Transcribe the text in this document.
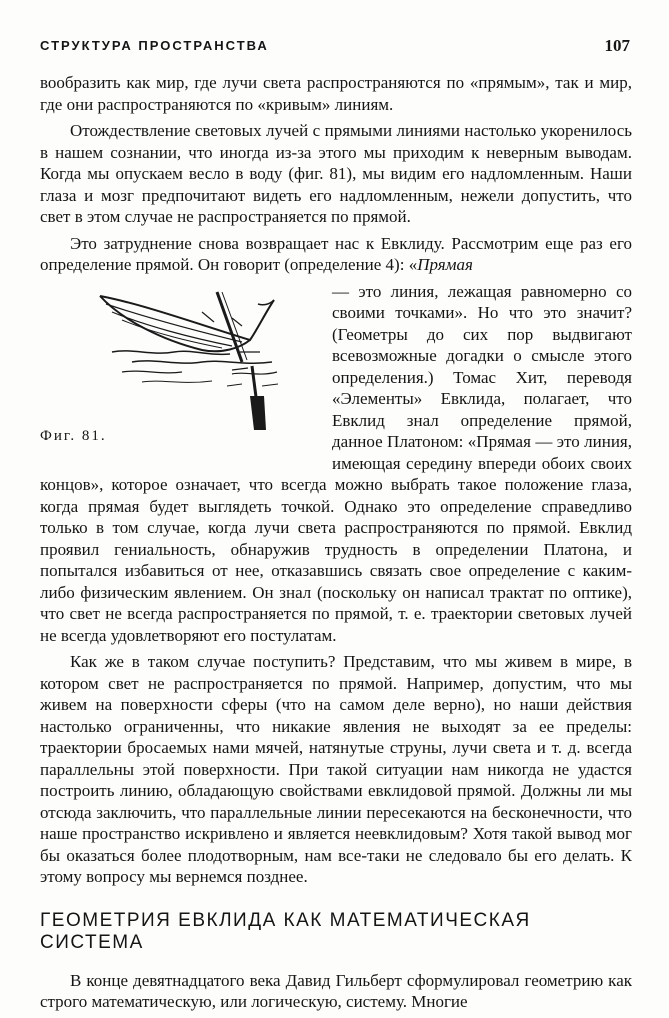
СТРУКТУРА ПРОСТРАНСТВА	107

вообразить как мир, где лучи света распространяются по «прямым», так и мир, где они распространяются по «кривым» линиям.

Отождествление световых лучей с прямыми линиями настолько укоренилось в нашем сознании, что иногда из-за этого мы приходим к неверным выводам. Когда мы опускаем весло в воду (фиг. 81), мы видим его надломленным. Наши глаза и мозг предпочитают видеть его надломленным, нежели допустить, что свет в этом случае не распространяется по прямой.

Это затруднение снова возвращает нас к Евклиду. Рассмотрим еще раз его определение прямой. Он говорит (определение 4): «Прямая

Фиг. 81.

— это линия, лежащая равномерно со своими точками». Но что это значит? (Геометры до сих пор выдвигают всевозможные догадки о смысле этого определения.) Томас Хит, переводя «Элементы» Евклида, полагает, что Евклид знал определение прямой, данное Платоном: «Прямая — это линия, имеющая середину впереди обоих своих концов», которое означает, что всегда можно выбрать такое положение глаза, когда прямая будет выглядеть точкой. Однако это определение справедливо только в том случае, когда лучи света распространяются по прямой. Евклид проявил гениальность, обнаружив трудность в определении Платона, и попытался избавиться от нее, отказавшись связать свое определение с каким-либо физическим явлением. Он знал (поскольку он написал трактат по оптике), что свет не всегда распространяется по прямой, т. е. траектории световых лучей не всегда удовлетворяют его постулатам.

Как же в таком случае поступить? Представим, что мы живем в мире, в котором свет не распространяется по прямой. Например, допустим, что мы живем на поверхности сферы (что на самом деле верно), но наши действия настолько ограниченны, что никакие явления не выходят за ее пределы: траектории бросаемых нами мячей, натянутые струны, лучи света и т. д. всегда параллельны этой поверхности. При такой ситуации нам никогда не удастся построить линию, обладающую свойствами евклидовой прямой. Должны ли мы отсюда заключить, что параллельные линии пересекаются на бесконечности, что наше пространство искривлено и является неевклидовым? Хотя такой вывод мог бы оказаться более плодотворным, нам все-таки не следовало бы его делать. К этому вопросу мы вернемся позднее.

ГЕОМЕТРИЯ ЕВКЛИДА КАК МАТЕМАТИЧЕСКАЯ СИСТЕМА

В конце девятнадцатого века Давид Гильберт сформулировал геометрию как строго математическую, или логическую, систему. Многие
